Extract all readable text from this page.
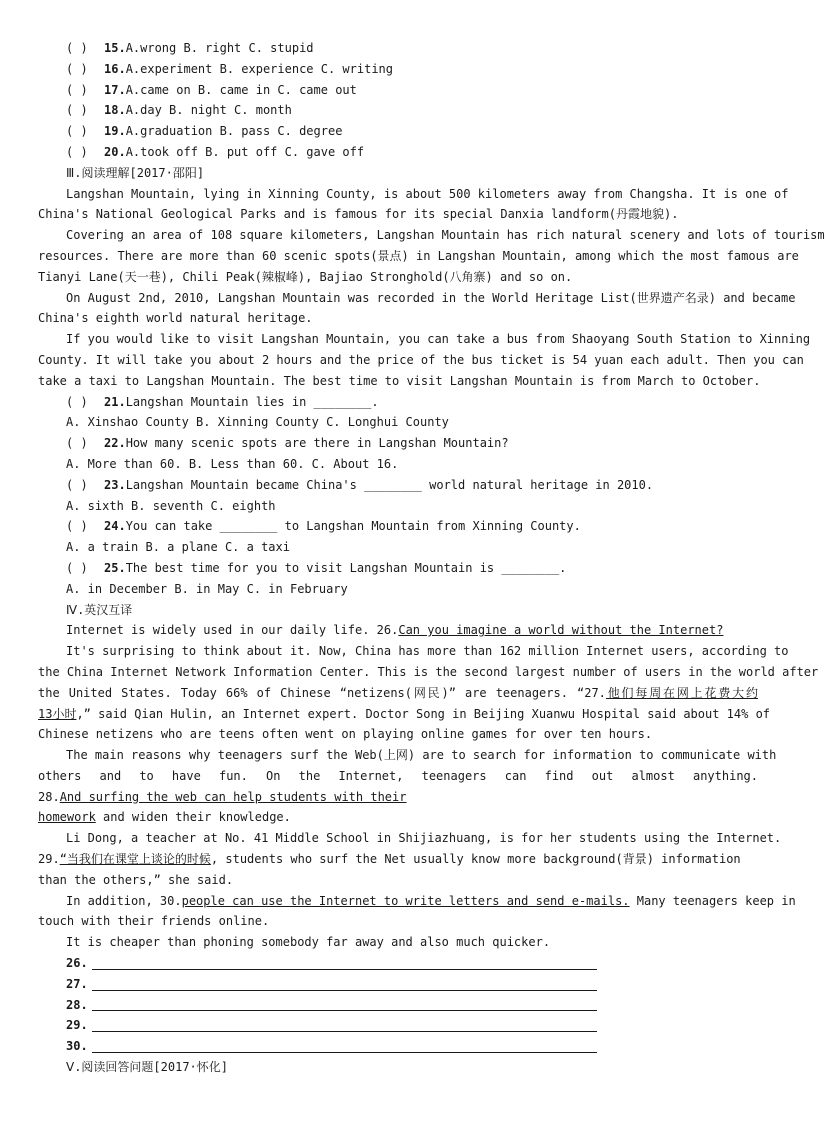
( ) 15.A.wrong B. right C. stupid
( ) 16.A.experiment B. experience C. writing
( ) 17.A.came on B. came in C. came out
( ) 18.A.day B. night C. month
( ) 19.A.graduation B. pass C. degree
( ) 20.A.took off B. put off C. gave off
Ⅲ.阅读理解[2017·邵阳]
Langshan Mountain, lying in Xinning County, is about 500 kilometers away from Changsha. It is one of
China's National Geological Parks and is famous for its special Danxia landform(丹霞地貌).
Covering an area of 108 square kilometers, Langshan Mountain has rich natural scenery and lots of tourism
resources. There are more than 60 scenic spots(景点) in Langshan Mountain, among which the most famous are
Tianyi Lane(天一巷), Chili Peak(辣椒峰), Bajiao Stronghold(八角寨) and so on.
On August 2nd, 2010, Langshan Mountain was recorded in the World Heritage List(世界遗产名录) and became
China's eighth world natural heritage.
If you would like to visit Langshan Mountain, you can take a bus from Shaoyang South Station to Xinning
County. It will take you about 2 hours and the price of the bus ticket is 54 yuan each adult. Then you can
take a taxi to Langshan Mountain. The best time to visit Langshan Mountain is from March to October.
( ) 21.Langshan Mountain lies in ________.
A. Xinshao County B. Xinning County C. Longhui County
( ) 22.How many scenic spots are there in Langshan Mountain?
A. More than 60. B. Less than 60. C. About 16.
( ) 23.Langshan Mountain became China's ________ world natural heritage in 2010.
A. sixth B. seventh C. eighth
( ) 24.You can take ________ to Langshan Mountain from Xinning County.
A. a train B. a plane C. a taxi
( ) 25.The best time for you to visit Langshan Mountain is ________.
A. in December B. in May C. in February
Ⅳ.英汉互译
Internet is widely used in our daily life. 26.Can you imagine a world without the Internet?
It's surprising to think about it. Now, China has more than 162 million Internet users, according to
the China Internet Network Information Center. This is the second largest number of users in the world after
the United States. Today 66% of Chinese “netizens(网民)” are teenagers. “27.他们每周在网上花费大约
13小时,” said Qian Hulin, an Internet expert. Doctor Song in Beijing Xuanwu Hospital said about 14% of
Chinese netizens who are teens often went on playing online games for over ten hours.
The main reasons why teenagers surf the Web(上网) are to search for information to communicate with
others and to have fun. On the Internet, teenagers can find out almost anything.
28.And surfing the web can help students with their
homework and widen their knowledge.
Li Dong, a teacher at No. 41 Middle School in Shijiazhuang, is for her students using the Internet.
29.“当我们在课堂上谈论的时候, students who surf the Net usually know more background(背景) information
than the others,” she said.
In addition, 30.people can use the Internet to write letters and send e-mails. Many teenagers keep in
touch with their friends online.
It is cheaper than phoning somebody far away and also much quicker.
26.
27.
28.
29.
30.
Ⅴ.阅读回答问题[2017·怀化]
